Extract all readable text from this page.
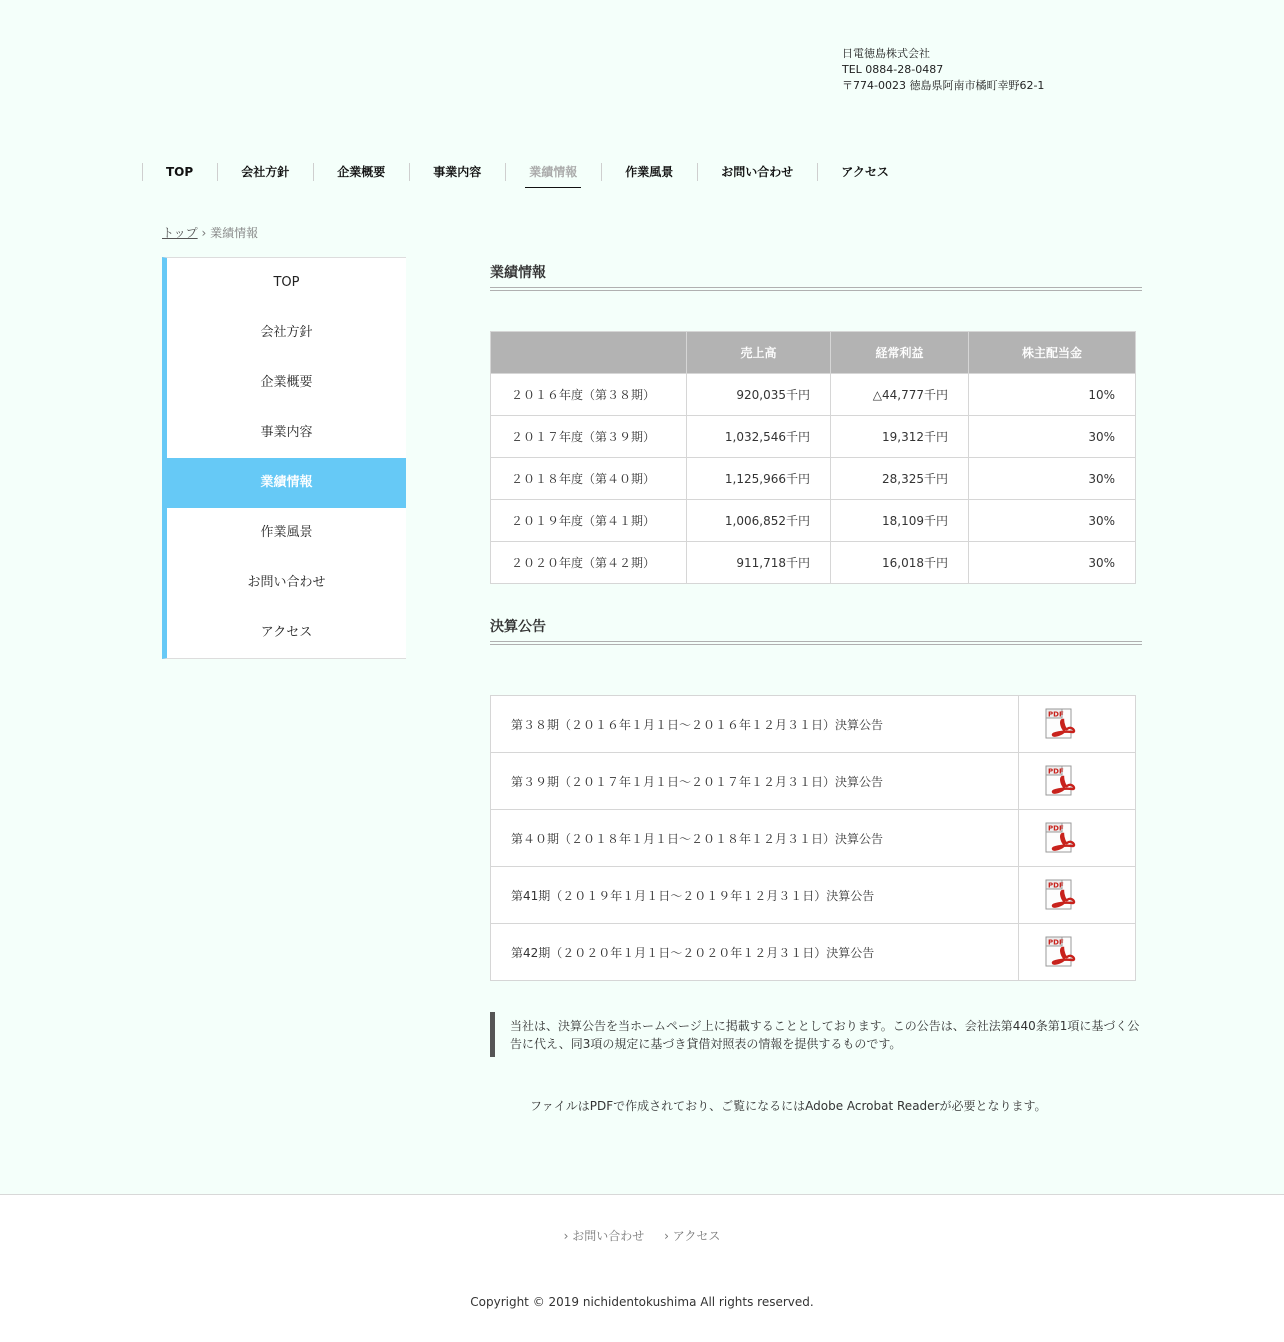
日電徳島株式会社
TEL 0884-28-0487
〒774-0023 徳島県阿南市橘町幸野62-1
TOP	会社方針	企業概要	事業内容	業績情報	作業風景	お問い合わせ	アクセス
トップ › 業績情報
TOP
会社方針
企業概要
事業内容
業績情報
作業風景
お問い合わせ
アクセス
業績情報
	売上高	経常利益	株主配当金
２０１６年度（第３８期）	920,035千円	△44,777千円	10%
２０１７年度（第３９期）	1,032,546千円	19,312千円	30%
２０１８年度（第４０期）	1,125,966千円	28,325千円	30%
２０１９年度（第４１期）	1,006,852千円	18,109千円	30%
２０２０年度（第４２期）	911,718千円	16,018千円	30%
決算公告
第３８期（２０１６年１月１日～２０１６年１２月３１日）決算公告	PDF

第３９期（２０１７年１月１日～２０１７年１２月３１日）決算公告	PDF

第４０期（２０１８年１月１日～２０１８年１２月３１日）決算公告	PDF

第41期（２０１９年１月１日～２０１９年１２月３１日）決算公告	PDF

第42期（２０２０年１月１日～２０２０年１２月３１日）決算公告	PDF
当社は、決算公告を当ホームページ上に掲載することとしております。この公告は、会社法第440条第1項に基づく公告に代え、同3項の規定に基づき貸借対照表の情報を提供するものです。
ファイルはPDFで作成されており、ご覧になるにはAdobe Acrobat Readerが必要となります。
› お問い合わせ › アクセス
Copyright © 2019 nichidentokushima All rights reserved.
